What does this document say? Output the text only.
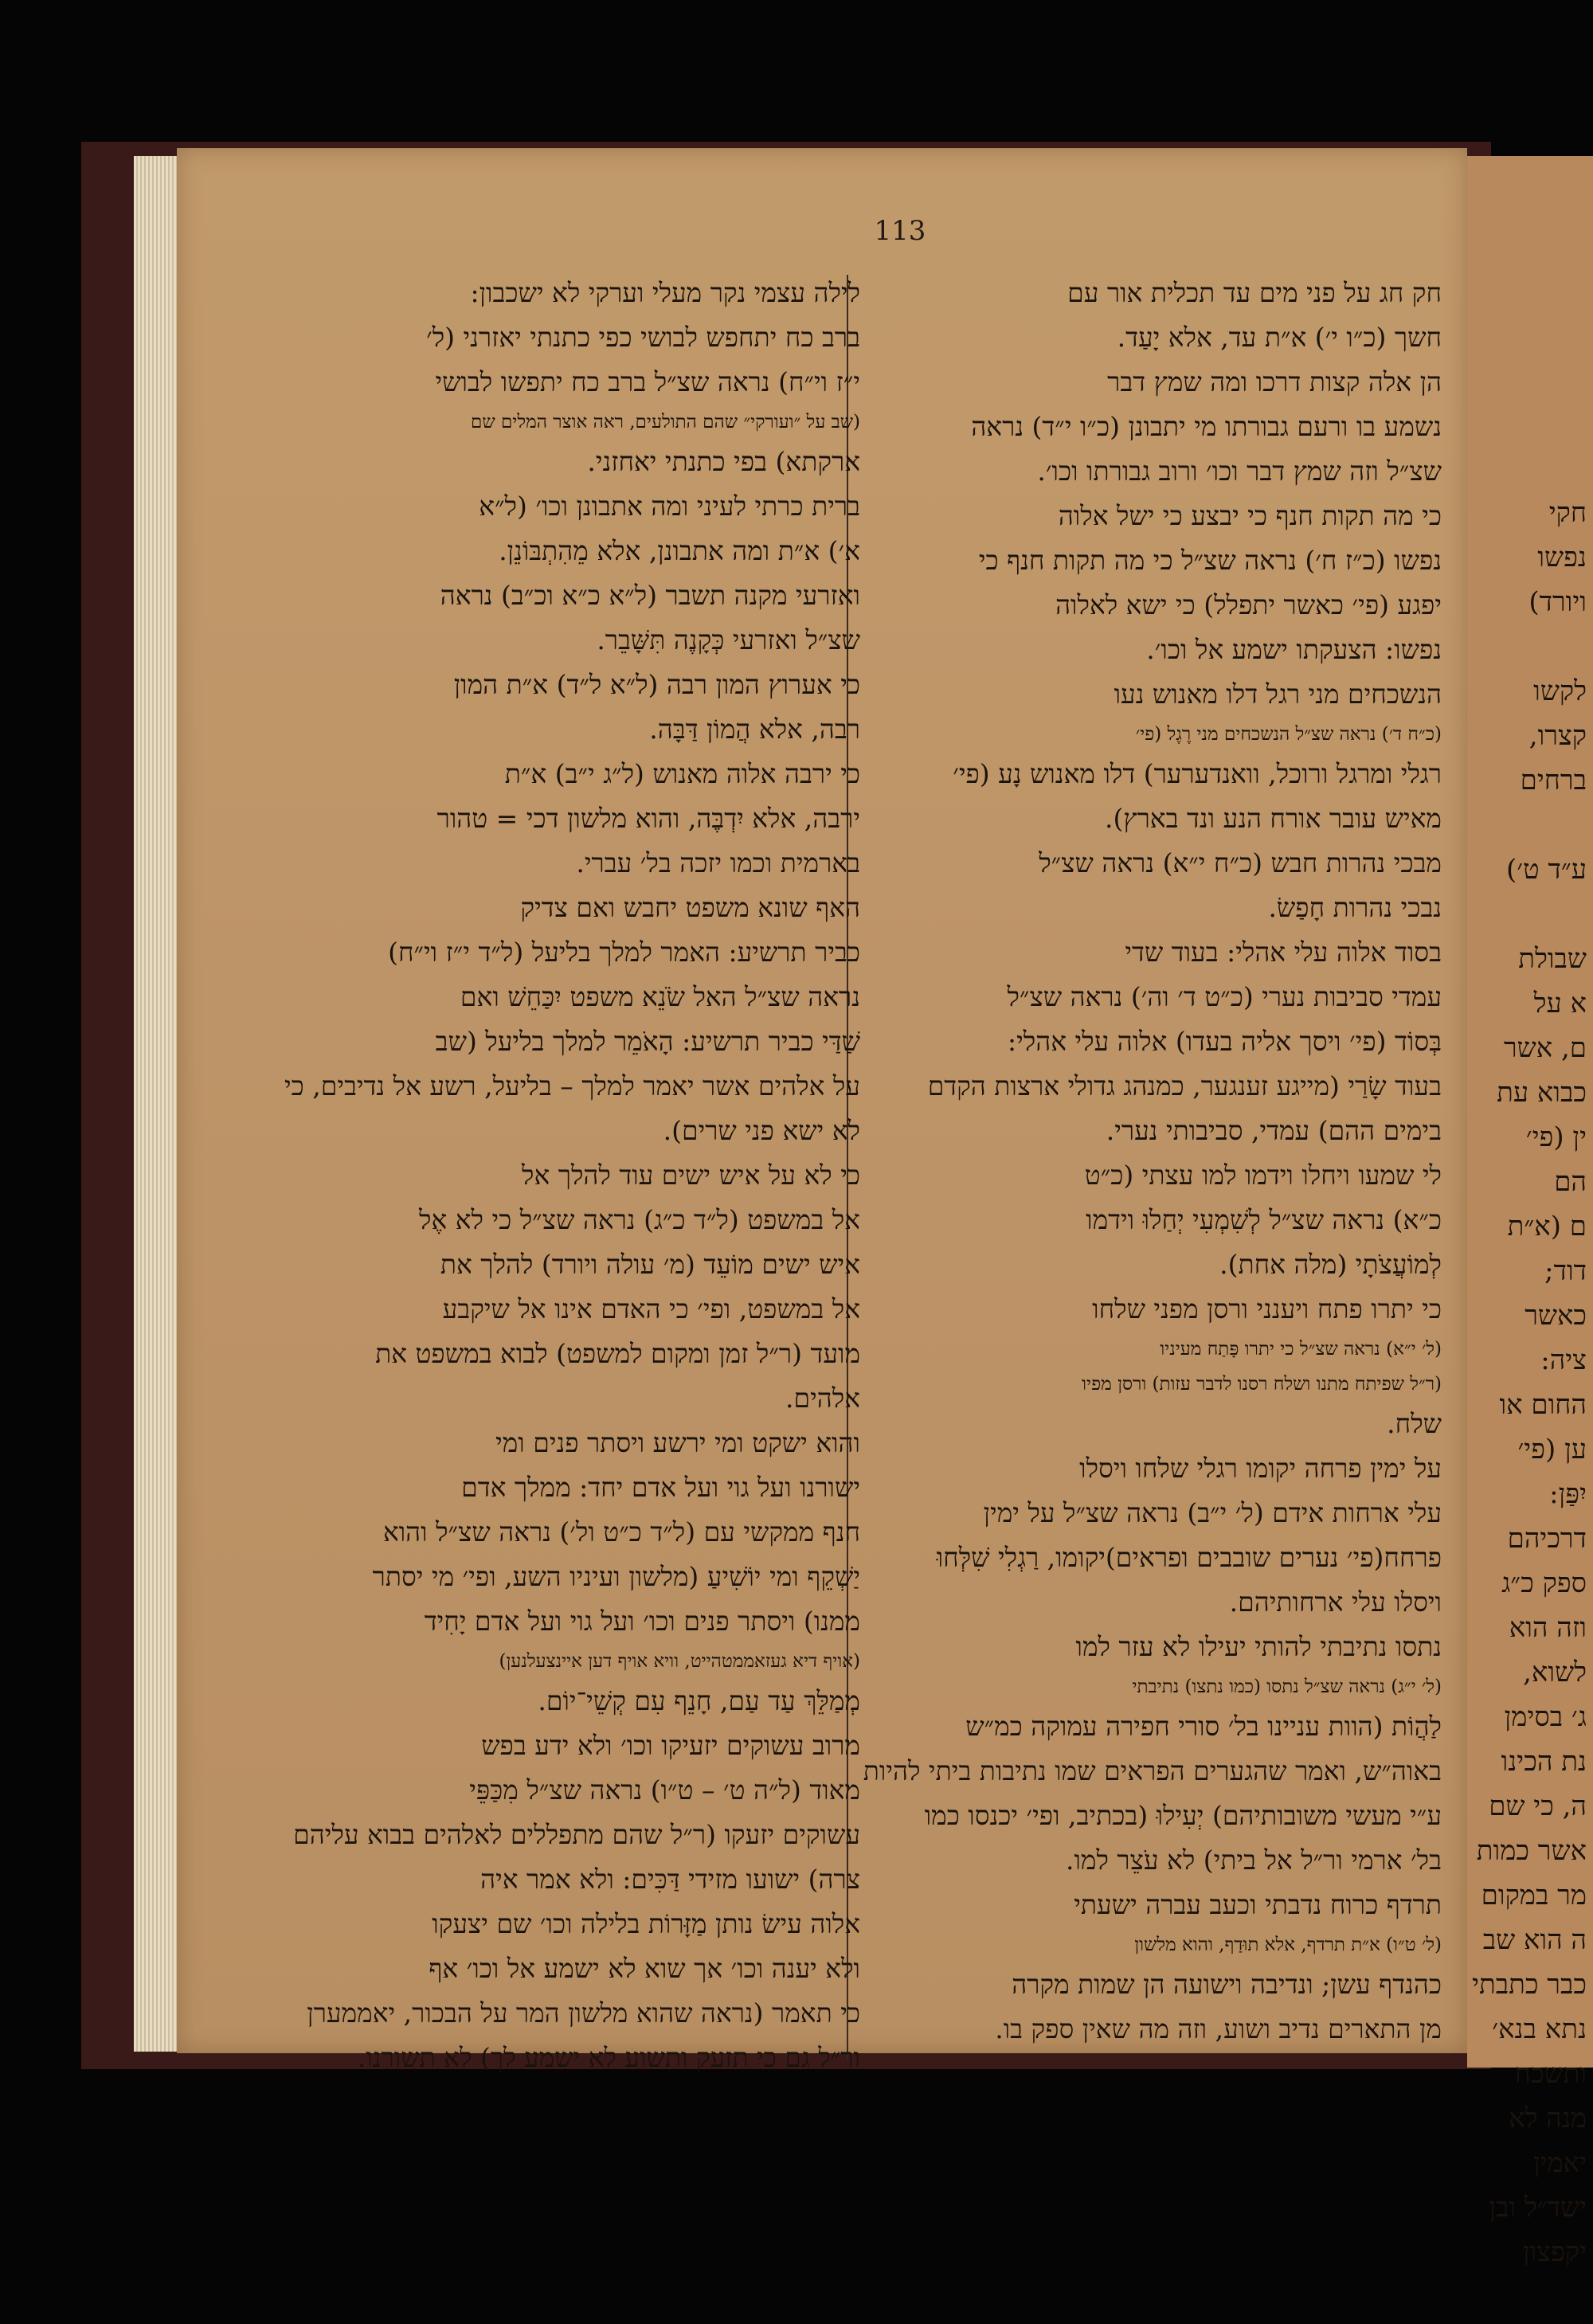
חקי
נפשו
ויורד)
לקשו
קצרו,
ברחים
ע״ד ט׳)
שבולת
א על
ם, אשר
כבוא עת
ין (פי׳
הם
ם (א״ת
דוד;
כאשר
ציה:
החום או
ען (פי׳
יִפַּן:
דרכיהם
ספק כ״ג
וזה הוא
לשוא,
ג׳ בסימן
נת הכינו
ה, כי שם
אשר כמות
מר במקום
ה הוא שב
כבר כתבתי
נתא בנא׳
ותשכח
מנה לא
יאמין
ישד״ל ובן
יקפצון
113
חק חג על פני מים עד תכלית אור עם
חשך (כ״ו י׳) א״ת עד, אלא יָעַד.
הן אלה קצות דרכו ומה שמץ דבר
נשמע בו ורעם גבורתו מי יתבונן (כ״ו י״ד) נראה
שצ״ל וזה שמץ דבר וכו׳ ורוב גבורתו וכו׳.
כי מה תקות חנף כי יבצע כי ישל אלוה
נפשו (כ״ז ח׳) נראה שצ״ל כי מה תקות חנף כי
יפגע (פי׳ כאשר יתפלל) כי ישא לאלוה
נפשו: הצעקתו ישמע אל וכו׳.
הנשכחים מני רגל דלו מאנוש נעו
(כ״ח ד׳) נראה שצ״ל הנשכחים מני רֶגֶל (פי׳
רגלי ומרגל ורוכל, וואנדערער) דלו מאנוש נָע (פי׳
מאיש עובר אורח הנע ונד בארץ).
מבכי נהרות חבש (כ״ח י״א) נראה שצ״ל
נבכי נהרות חָפַשׂ.
בסוד אלוה עלי אהלי: בעוד שדי
עמדי סביבות נערי (כ״ט ד׳ וה׳) נראה שצ״ל
בְּסוֹד (פי׳ ויסך אליה בעדו) אלוה עלי אהלי:
בעוד שָׂרַי (מייגע זענגער, כמנהג גדולי ארצות הקדם
בימים ההם) עמדי, סביבותי נערי.
לי שמעו ויחלו וידמו למו עצתי (כ״ט
כ״א) נראה שצ״ל לְשִׁמְעִי יְחַלוּ וידמו
לְמוֹעֲצֹתָי (מלה אחת).
כי יתרו פתח ויענני ורסן מפני שלחו
(ל׳ י״א) נראה שצ״ל כי יתרו פָּתַח מעיניו
(ר״ל שפיתח מתנו ושלח רסנו לדבר עזות) ורסן מפיו
שלח.
על ימין פרחה יקומו רגלי שלחו ויסלו
עלי ארחות אידם (ל׳ י״ב) נראה שצ״ל על ימין
פרחח(פי׳ נערים שובבים ופראים)יקומו, רַגְלִי שִׁלְּחוּ
ויסלו עלי ארחותיהם.
נתסו נתיבתי להותי יעילו לא עזר למו
(ל׳ י״ג) נראה שצ״ל נתסו (כמו נתצו) נתיבתי
לַהֲוֹת (הוות עניינו בל׳ סורי חפירה עמוקה כמ״ש
באוה״ש, ואמר שהגערים הפראים שמו נתיבות ביתי להיות
ע״י מעשי משובותיהם) יְעִילוּ (בכתיב, ופי׳ יכנסו כמו
בל׳ ארמי ור״ל אל ביתי) לא עֹצֵר למו.
תרדף כרוח נדבתי וכעב עברה ישעתי
(ל׳ ט״ו) א״ת תרדף, אלא תוּדַף, והוא מלשון
כהנדף עשן; ונדיבה וישועה הן שמות מקרה
מן התארים נדיב ושוע, וזה מה שאין ספק בו.
לילה עצמי נקר מעלי וערקי לא ישכבון:
ברב כח יתחפש לבושי כפי כתנתי יאזרני (ל׳
י״ז וי״ח) נראה שצ״ל ברב כח יתפשו לבושי
(שב על ״ועורקי״ שהם התולעים, ראה אוצר המלים שם
ארקתא) בפי כתנתי יאחזני.
ברית כרתי לעיני ומה אתבונן וכו׳ (ל״א
א׳) א״ת ומה אתבונן, אלא מֵהִתְבּוֹנֵן.
ואזרעי מקנה תשבר (ל״א כ״א וכ״ב) נראה
שצ״ל ואזרעי כְּקָנֶה תִּשָּׁבֵר.
כי אערוץ המון רבה (ל״א ל״ד) א״ת המון
רבה, אלא הֲמוֹן דַּבָּה.
כי ירבה אלוה מאנוש (ל״ג י״ב) א״ת
ירבה, אלא יִדְבֶּה, והוא מלשון דכי = טהור
בארמית וכמו יזכה בל׳ עברי.
האף שונא משפט יחבש ואם צדיק
כביר תרשיע: האמר למלך בליעל (ל״ד י״ז וי״ח)
נראה שצ״ל האל שֹׂנֵא משפט יִכַּחֵשׁ ואם
שַׁדַּי כביר תרשיע: הָאֹמֵר למלך בליעל (שב
על אלהים אשר יאמר למלך – בליעל, רשע אל נדיבים, כי
לא ישא פני שרים).
כי לא על איש ישים עוד להלך אל
אל במשפט (ל״ד כ״ג) נראה שצ״ל כי לא אֶל
איש ישים מוֹעֵד (מ׳ עולה ויורד) להלך את
אל במשפט, ופי׳ כי האדם אינו אל שיקבע
מועד (ר״ל זמן ומקום למשפט) לבוא במשפט את
אלהים.
והוא ישקט ומי ירשע ויסתר פנים ומי
ישורנו ועל גוי ועל אדם יחד: ממלך אדם
חנף ממקשי עם (ל״ד כ״ט ול׳) נראה שצ״ל והוא
יַשְׁקֵף ומי יוֹשִׁיעַ (מלשון ועיניו השע, ופי׳ מי יסתר
ממנו) ויסתר פנים וכו׳ ועל גוי ועל אדם יָחִיד
(אויף דיא געזאממטהייט, וויא אויף דען איינצעלנען)
מְמַלֵּךְ עַד עַם, חָנֵף עִם קְשֵׁי־יוֹם.
מרוב עשוקים יזעיקו וכו׳ ולא ידע בפש
מאוד (ל״ה ט׳ – ט״ו) נראה שצ״ל מִכַּפֵּי
עשוקים יזעקו (ר״ל שהם מתפללים לאלהים בבוא עליהם
צרה) ישועו מזידי דַּכִּים: ולא אמר איה
אלוה עישׂ נותן מַזָּרוֹת בלילה וכו׳ שם יצעקו
ולא יענה וכו׳ אך שוא לא ישמע אל וכו׳ אף
כי תאמר (נראה שהוא מלשון המר על הבכור, יאממערן
ור״ל גם כי תזעק ותשוע לא ישמע לך) לא תשורנו.
